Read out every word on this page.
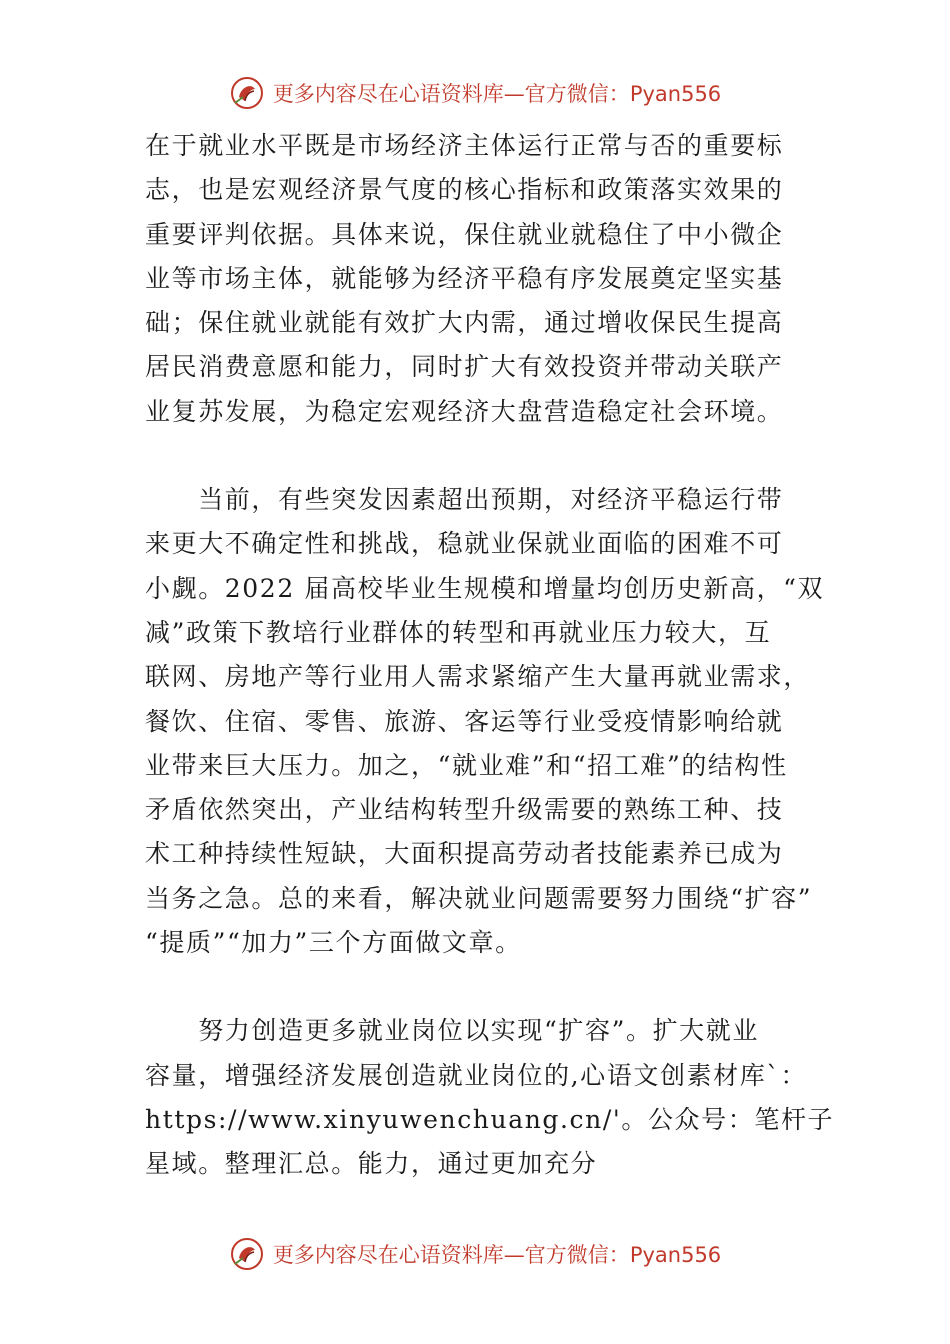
更多内容尽在心语资料库—官方微信：Pyan556

在于就业水平既是市场经济主体运行正常与否的重要标
志，也是宏观经济景气度的核心指标和政策落实效果的
重要评判依据。具体来说，保住就业就稳住了中小微企
业等市场主体，就能够为经济平稳有序发展奠定坚实基
础；保住就业就能有效扩大内需，通过增收保民生提高
居民消费意愿和能力，同时扩大有效投资并带动关联产
业复苏发展，为稳定宏观经济大盘营造稳定社会环境。

　　当前，有些突发因素超出预期，对经济平稳运行带
来更大不确定性和挑战，稳就业保就业面临的困难不可
小觑。2022 届高校毕业生规模和增量均创历史新高，“双
减”政策下教培行业群体的转型和再就业压力较大，互
联网、房地产等行业用人需求紧缩产生大量再就业需求，
餐饮、住宿、零售、旅游、客运等行业受疫情影响给就
业带来巨大压力。加之，“就业难”和“招工难”的结构性
矛盾依然突出，产业结构转型升级需要的熟练工种、技
术工种持续性短缺，大面积提高劳动者技能素养已成为
当务之急。总的来看，解决就业问题需要努力围绕“扩容”
“提质”“加力”三个方面做文章。

　　努力创造更多就业岗位以实现“扩容”。扩大就业
容量，增强经济发展创造就业岗位的,心语文创素材库`：
https://www.xinyuwenchuang.cn/'。公众号：笔杆子
星域。整理汇总。能力，通过更加充分

更多内容尽在心语资料库—官方微信：Pyan556
